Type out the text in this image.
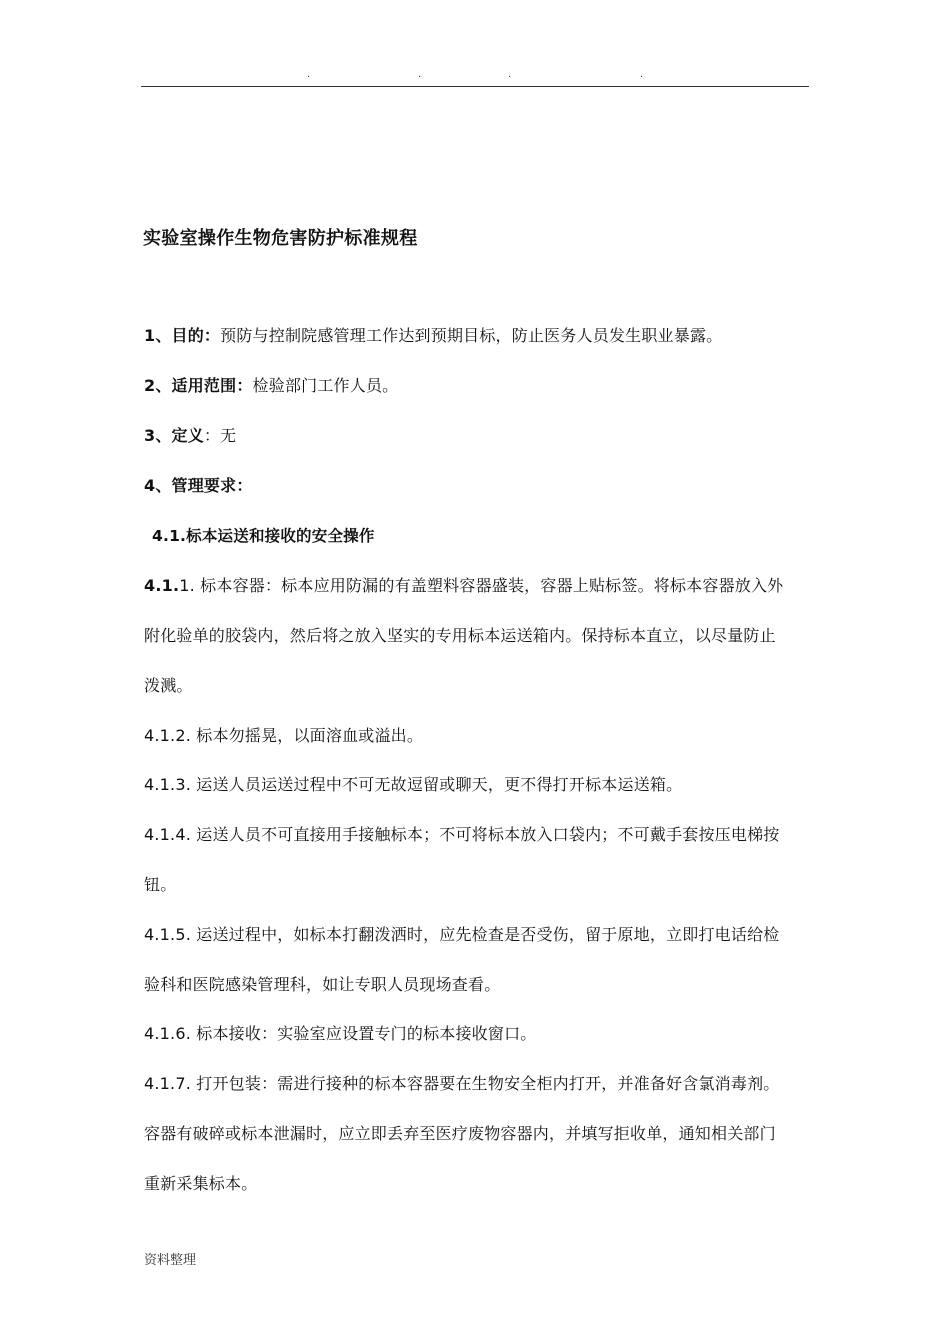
.	.	.	.
实验室操作生物危害防护标准规程
1、目的：预防与控制院感管理工作达到预期目标，防止医务人员发生职业暴露。
2、适用范围：检验部门工作人员。
3、定义：无
4、管理要求：
4.1.标本运送和接收的安全操作
4.1.1. 标本容器：标本应用防漏的有盖塑料容器盛装，容器上贴标签。将标本容器放入外
附化验单的胶袋内，然后将之放入坚实的专用标本运送箱内。保持标本直立，以尽量防止
泼溅。
4.1.2. 标本勿摇晃，以面溶血或溢出。
4.1.3. 运送人员运送过程中不可无故逗留或聊天，更不得打开标本运送箱。
4.1.4. 运送人员不可直接用手接触标本；不可将标本放入口袋内；不可戴手套按压电梯按
钮。
4.1.5. 运送过程中，如标本打翻泼洒时，应先检查是否受伤，留于原地，立即打电话给检
验科和医院感染管理科，如让专职人员现场查看。
4.1.6. 标本接收：实验室应设置专门的标本接收窗口。
4.1.7. 打开包装：需进行接种的标本容器要在生物安全柜内打开，并准备好含氯消毒剂。
容器有破碎或标本泄漏时，应立即丢弃至医疗废物容器内，并填写拒收单，通知相关部门
重新采集标本。
资料整理
